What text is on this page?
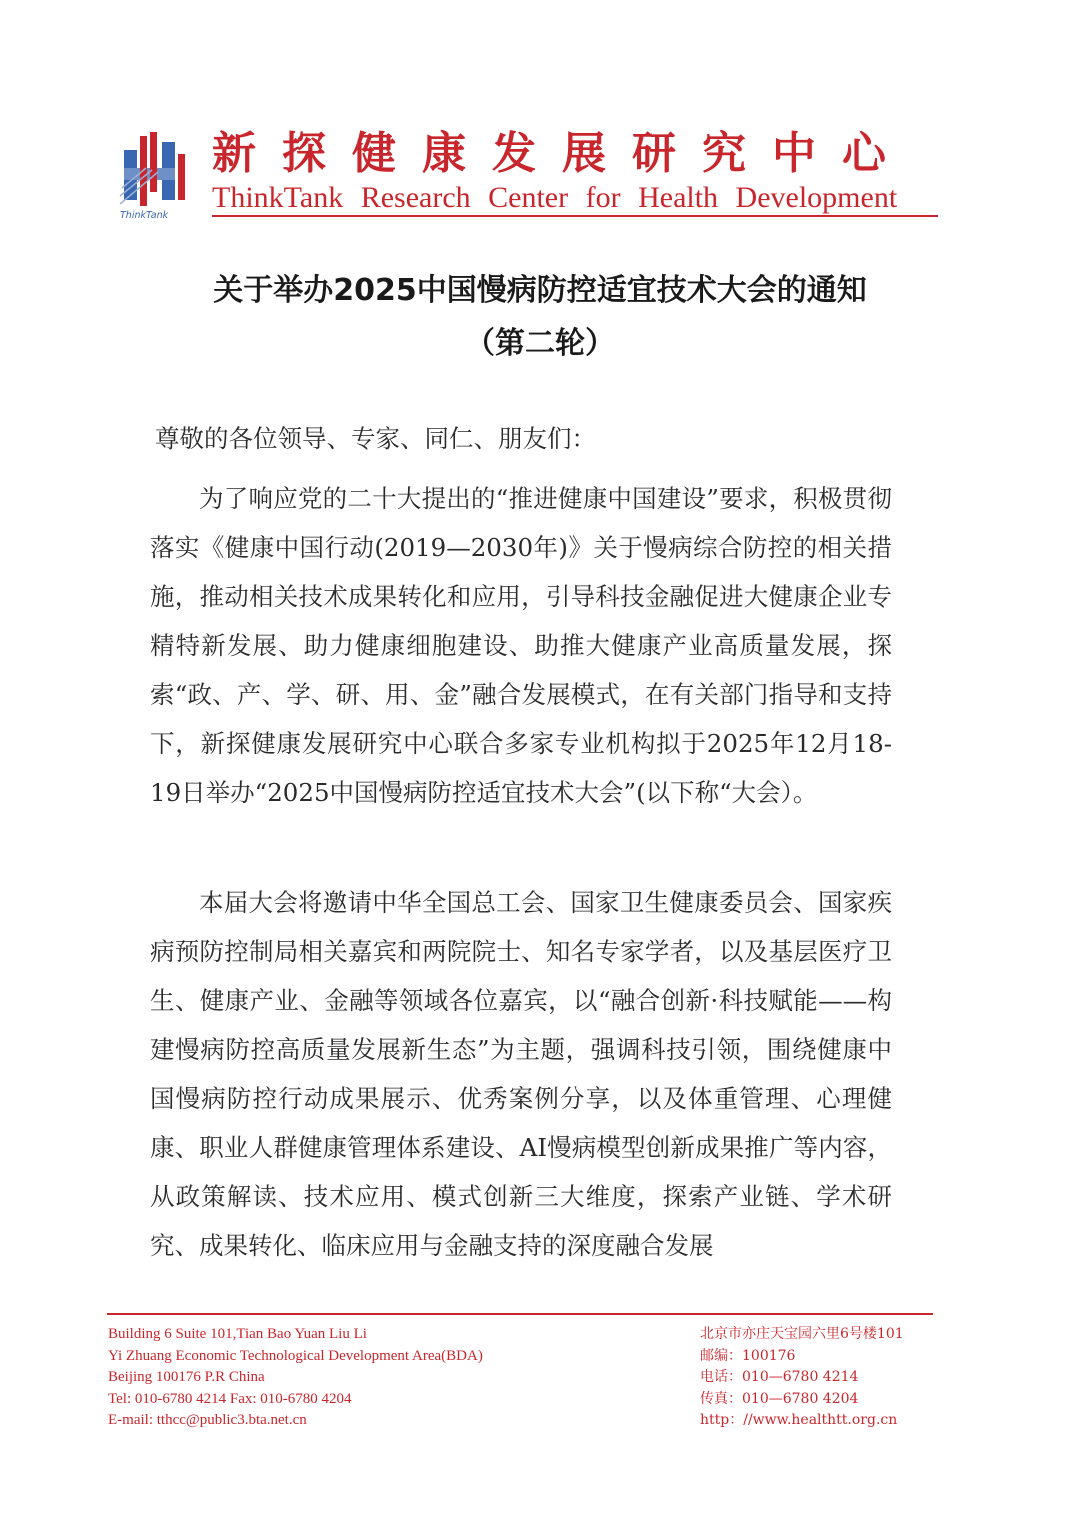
ThinkTank
新探健康发展研究中心
ThinkTank Research Center for Health Development
关于举办2025中国慢病防控适宜技术大会的通知
（第二轮）

尊敬的各位领导、专家、同仁、朋友们：

为了响应党的二十大提出的“推进健康中国建设”要求，积极贯彻落实《健康中国行动(2019—2030年)》关于慢病综合防控的相关措施，推动相关技术成果转化和应用，引导科技金融促进大健康企业专精特新发展、助力健康细胞建设、助推大健康产业高质量发展，探索“政、产、学、研、用、金”融合发展模式，在有关部门指导和支持下，新探健康发展研究中心联合多家专业机构拟于2025年12月18-19日举办“2025中国慢病防控适宜技术大会”(以下称“大会）。

本届大会将邀请中华全国总工会、国家卫生健康委员会、国家疾病预防控制局相关嘉宾和两院院士、知名专家学者，以及基层医疗卫生、健康产业、金融等领域各位嘉宾，以“融合创新·科技赋能——构建慢病防控高质量发展新生态”为主题，强调科技引领，围绕健康中国慢病防控行动成果展示、优秀案例分享，以及体重管理、心理健康、职业人群健康管理体系建设、AI慢病模型创新成果推广等内容，从政策解读、技术应用、模式创新三大维度，探索产业链、学术研究、成果转化、临床应用与金融支持的深度融合发展

Building 6 Suite 101,Tian Bao Yuan Liu Li
Yi Zhuang Economic Technological Development Area(BDA)
Beijing 100176 P.R China
Tel: 010-6780 4214 Fax: 010-6780 4204
E-mail: tthcc@public3.bta.net.cn
北京市亦庄天宝园六里6号楼101
邮编：100176
电话：010—6780 4214
传真：010—6780 4204
http：//www.healthtt.org.cn
